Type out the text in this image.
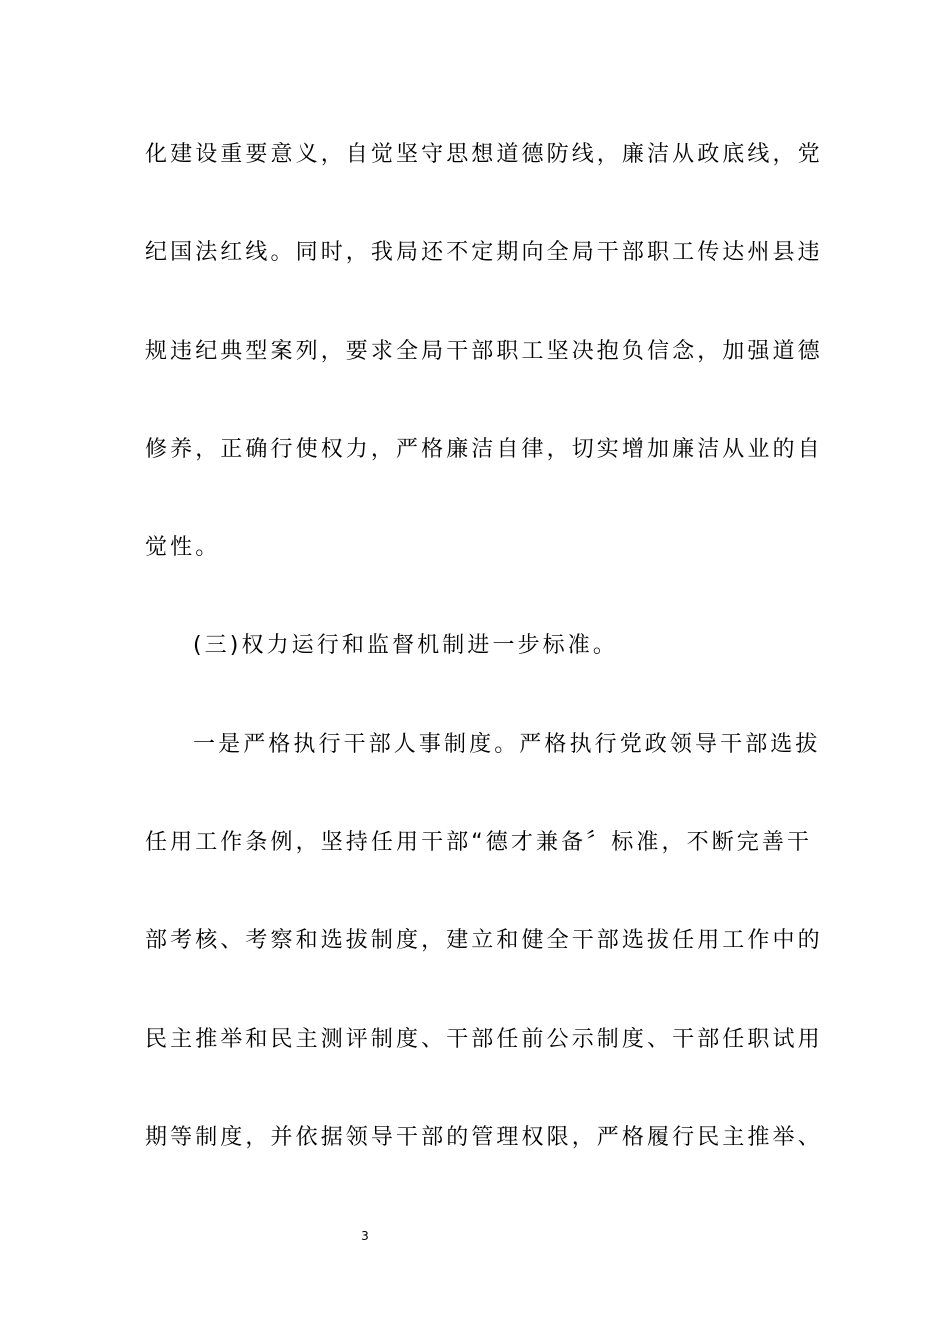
化建设重要意义，自觉坚守思想道德防线，廉洁从政底线，党
纪国法红线。同时，我局还不定期向全局干部职工传达州县违
规违纪典型案列，要求全局干部职工坚决抱负信念，加强道德
修养，正确行使权力，严格廉洁自律，切实增加廉洁从业的自
觉性。
(三)权力运行和监督机制进一步标准。
一是严格执行干部人事制度。严格执行党政领导干部选拔
任用工作条例，坚持任用干部“德才兼备〞标准，不断完善干
部考核、考察和选拔制度，建立和健全干部选拔任用工作中的
民主推举和民主测评制度、干部任前公示制度、干部任职试用
期等制度，并依据领导干部的管理权限，严格履行民主推举、
3
